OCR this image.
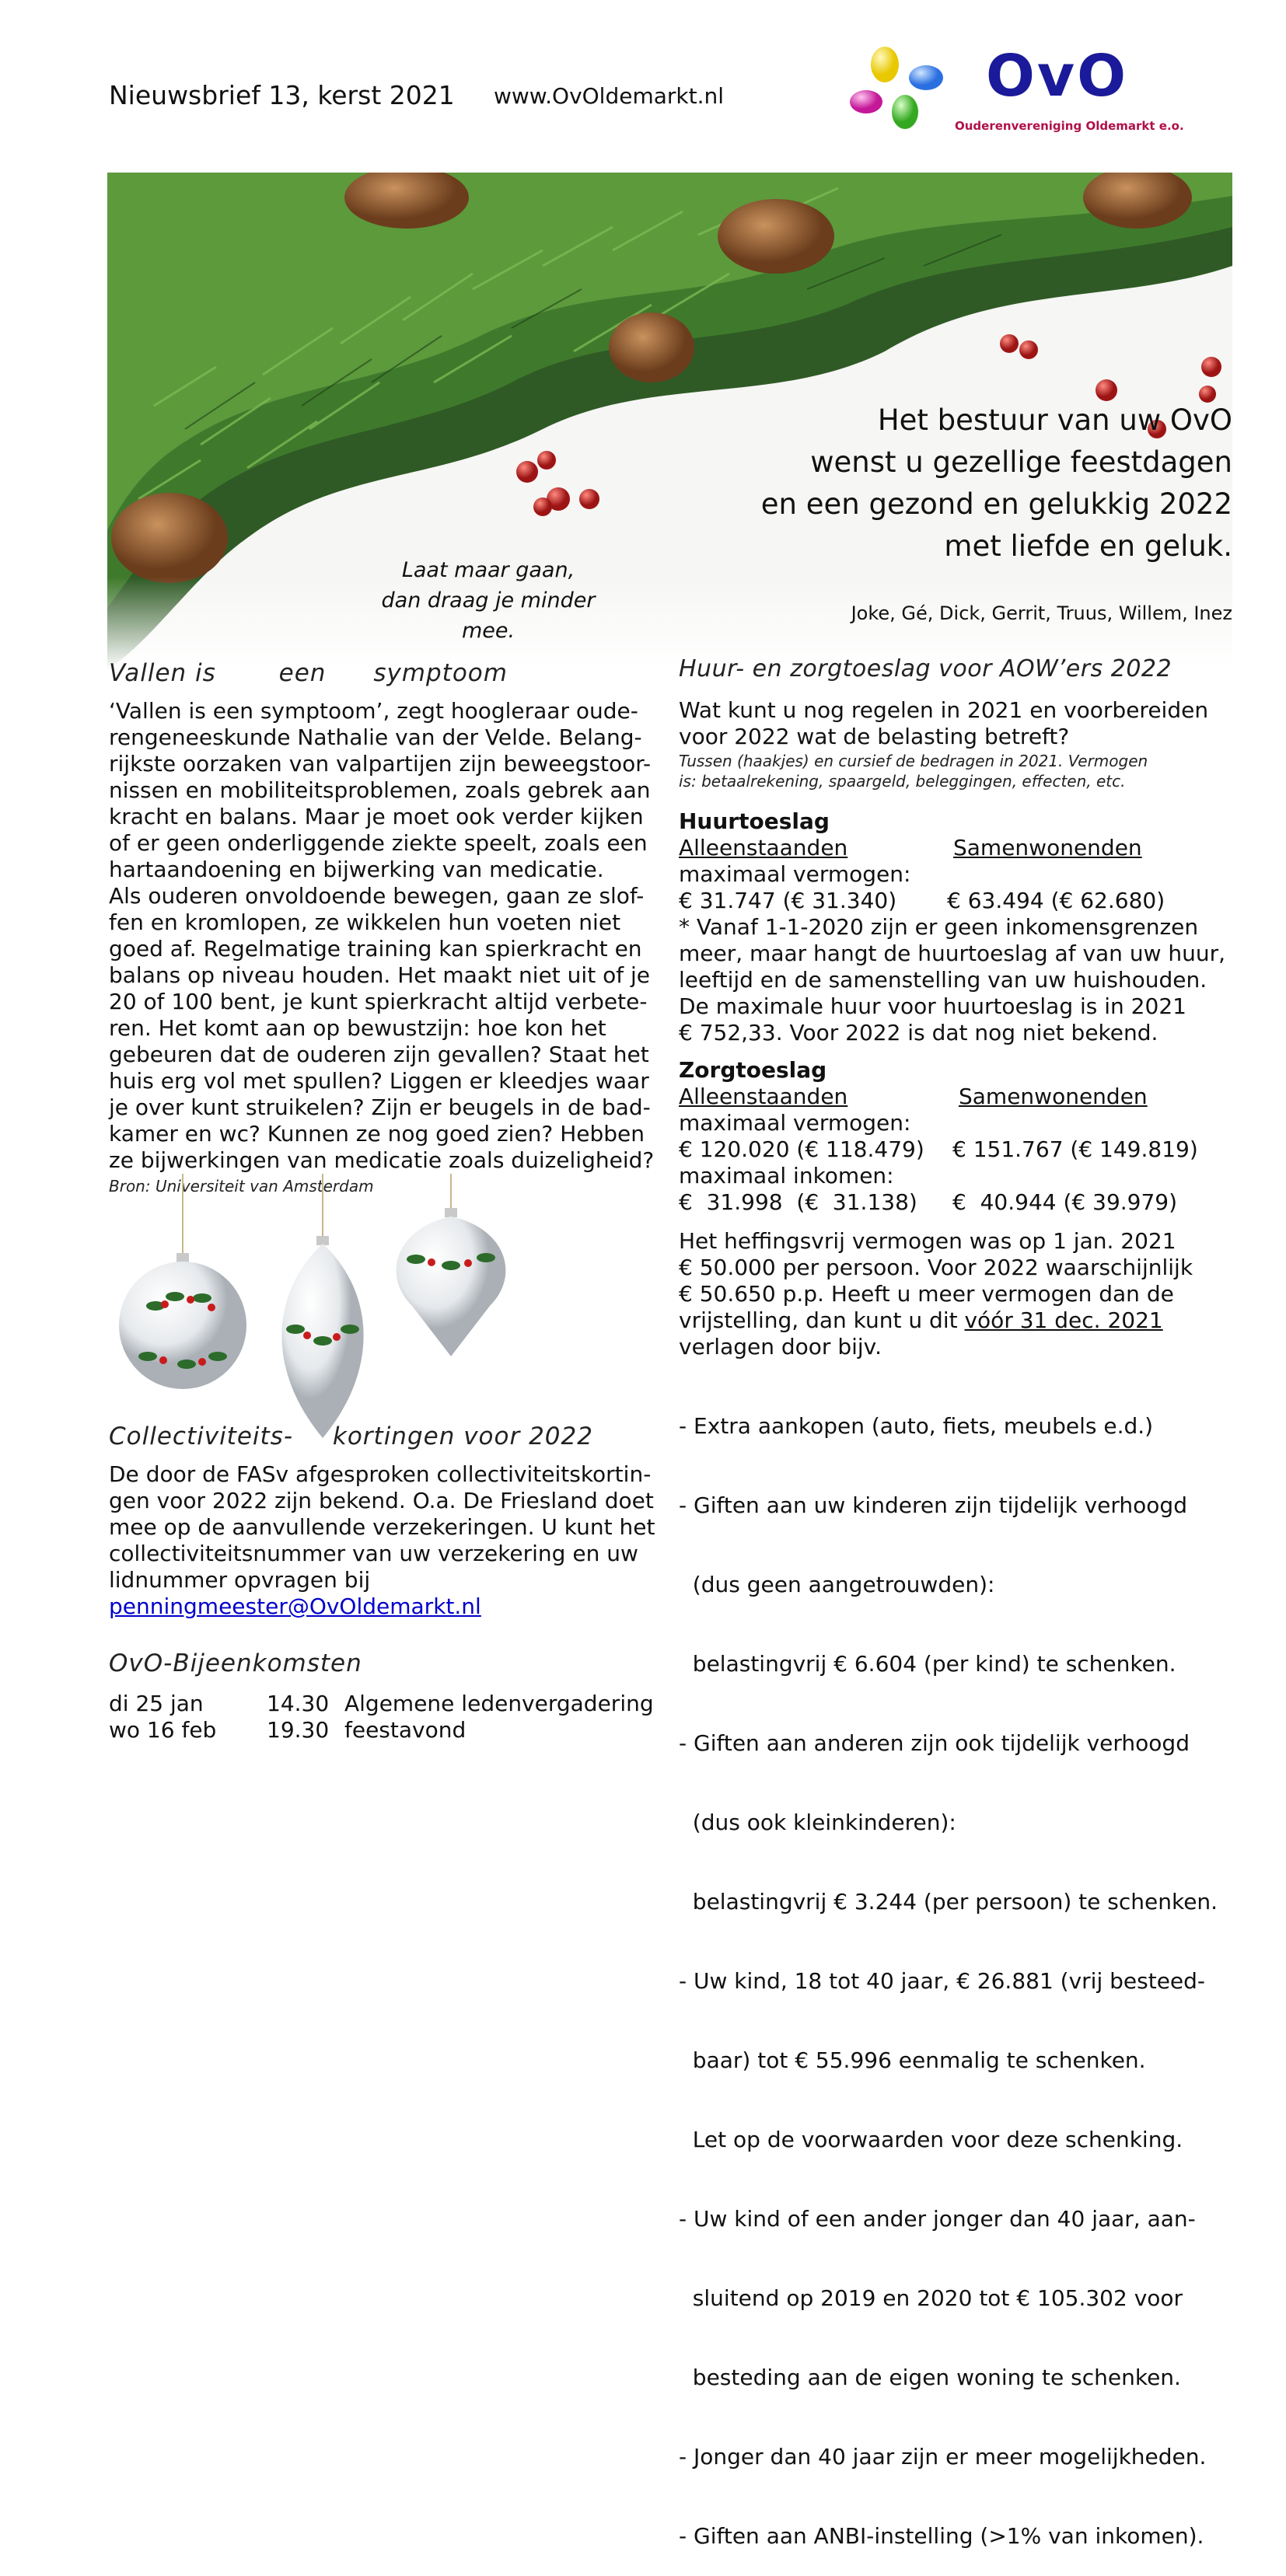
Nieuwsbrief 13, kerst 2021 www.OvOldemarkt.nl	OvO
Ouderenvereniging Oldemarkt e.o.
Het bestuur van uw OvO
wenst u gezellige feestdagen
en een gezond en gelukkig 2022
met liefde en geluk.
Laat maar gaan,
dan draag je minder mee.
Joke, Gé, Dick, Gerrit, Truus, Willem, Inez
Vallen is	een symptoom
‘Vallen is een symptoom’, zegt hoogleraar oude-
rengeneeskunde Nathalie van der Velde. Belang-
rijkste oorzaken van valpartijen zijn beweegstoor-
nissen en mobiliteitsproblemen, zoals gebrek aan
kracht en balans. Maar je moet ook verder kijken
of er geen onderliggende ziekte speelt, zoals een
hartaandoening en bijwerking van medicatie.
Als ouderen onvoldoende bewegen, gaan ze slof-
fen en kromlopen, ze wikkelen hun voeten niet
goed af. Regelmatige training kan spierkracht en
balans op niveau houden. Het maakt niet uit of je
20 of 100 bent, je kunt spierkracht altijd verbete-
ren. Het komt aan op bewustzijn: hoe kon het
gebeuren dat de ouderen zijn gevallen? Staat het
huis erg vol met spullen? Liggen er kleedjes waar
je over kunt struikelen? Zijn er beugels in de bad-
kamer en wc? Kunnen ze nog goed zien? Hebben
ze bijwerkingen van medicatie zoals duizeligheid?
Bron: Universiteit van Amsterdam
Collectiviteits- kortingen voor 2022
De door de FASv afgesproken collectiviteitskortin-
gen voor 2022 zijn bekend. O.a. De Friesland doet
mee op de aanvullende verzekeringen. U kunt het
collectiviteitsnummer van uw verzekering en uw
lidnummer opvragen bij
penningmeester@OvOldemarkt.nl
OvO-Bijeenkomsten
di 25 jan	14.30 Algemene ledenvergadering
wo 16 feb	19.30 feestavond
Huur- en zorgtoeslag voor AOW’ers 2022
Wat kunt u nog regelen in 2021 en voorbereiden
voor 2022 wat de belasting betreft?
Tussen (haakjes) en cursief de bedragen in 2021. Vermogen
is: betaalrekening, spaargeld, beleggingen, effecten, etc.
Huurtoeslag
Alleenstaanden	Samenwonenden
maximaal vermogen:
€ 31.747 (€ 31.340)	€ 63.494 (€ 62.680)
* Vanaf 1-1-2020 zijn er geen inkomensgrenzen
meer, maar hangt de huurtoeslag af van uw huur,
leeftijd en de samenstelling van uw huishouden.
De maximale huur voor huurtoeslag is in 2021
€ 752,33. Voor 2022 is dat nog niet bekend.
Zorgtoeslag
Alleenstaanden	Samenwonenden
maximaal vermogen:
€ 120.020 (€ 118.479)	€ 151.767 (€ 149.819)
maximaal inkomen:
€  31.998  (€  31.138)	€  40.944 (€ 39.979)
Het heffingsvrij vermogen was op 1 jan. 2021
€ 50.000 per persoon. Voor 2022 waarschijnlijk
€ 50.650 p.p. Heeft u meer vermogen dan de
vrijstelling, dan kunt u dit vóór 31 dec. 2021
verlagen door bijv.

- Extra aankopen (auto, fiets, meubels e.d.)

- Giften aan uw kinderen zijn tijdelijk verhoogd

(dus geen aangetrouwden):

belastingvrij € 6.604 (per kind) te schenken.

- Giften aan anderen zijn ook tijdelijk verhoogd

(dus ook kleinkinderen):

belastingvrij € 3.244 (per persoon) te schenken.

- Uw kind, 18 tot 40 jaar, € 26.881 (vrij besteed-

baar) tot € 55.996 eenmalig te schenken.

Let op de voorwaarden voor deze schenking.

- Uw kind of een ander jonger dan 40 jaar, aan-

sluitend op 2019 en 2020 tot € 105.302 voor

besteding aan de eigen woning te schenken.

- Jonger dan 40 jaar zijn er meer mogelijkheden.

- Giften aan ANBI-instelling (>1% van inkomen).
